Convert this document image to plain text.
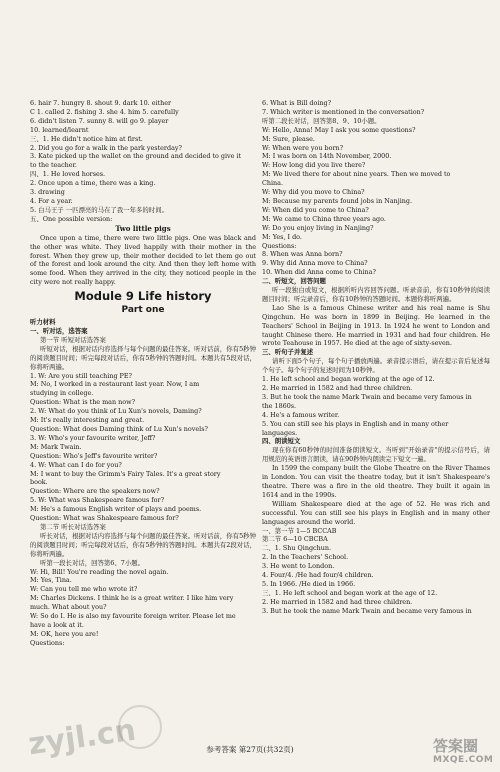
6. hair 7. hungry 8. shout 9. dark 10. either
C 1. called 2. fishing 3. she 4. him 5. carefully
6. didn't listen 7. sunny 8. will go 9. player
10. learned/learnt
三、1. He didn't notice him at first.
2. Did you go for a walk in the park yesterday?
3. Kate picked up the wallet on the ground and decided to give it
to the teacher.
四、1. He loved horses.
2. Once upon a time, there was a king.
3. drawing
4. For a year.
5. 白马王子 一匹漂亮的马在了我一年多的时间。
五、One possible version:
Two little pigs
Once upon a time, there were two little pigs. One was black and the other was white. They lived happily with their mother in the forest. When they grew up, their mother decided to let them go out of the forest and look around the city. And then they left home with some food. When they arrived in the city, they noticed people in the city were not really happy.
Module 9 Life history
Part one
听力材料
一、听对话，选答案
第一节 听短对话选答案
听短对话，根据对话内容选择与每个问题的最佳答案。听对话前，你有5秒钟的阅读题目时间；听完每段对话后，你有5秒钟的答题时间。本题共有5段对话，你将听两遍。
1. W: Are you still teaching PE?
M: No, I worked in a restaurant last year. Now, I am
studying in college.
Question: What is the man now?
2. W: What do you think of Lu Xun's novels, Daming?
M: It's really interesting and great.
Question: What does Daming think of Lu Xun's novels?
3. W: Who's your favourite writer, Jeff?
M: Mark Twain.
Question: Who's Jeff's favourite writer?
4. W: What can I do for you?
M: I want to buy the Grimm's Fairy Tales. It's a great story
book.
Question: Where are the speakers now?
5. W: What was Shakespeare famous for?
M: He's a famous English writer of plays and poems.
Question: What was Shakespeare famous for?
第二节 听长对话选答案
听长对话，根据对话内容选择与每个问题的最佳答案。听对话前，你有5秒钟的阅读题目时间；听完每段对话后，你有5秒钟的答题时间。本题共有2段对话，你将听两遍。
听第一段长对话，回答第6、7小题。
W: Hi, Bill! You're reading the novel again.
M: Yes, Tina.
W: Can you tell me who wrote it?
M: Charles Dickens. I think he is a great writer. I like him very
much. What about you?
W: So do I. He is also my favourite foreign writer. Please let me
have a look at it.
M: OK, here you are!
Questions:
6. What is Bill doing?
7. Which writer is mentioned in the conversation?
听第二段长对话，回答第8、9、10小题。
W: Hello, Anna! May I ask you some questions?
M: Sure, please.
W: When were you born?
M: I was born on 14th November, 2000.
W: How long did you live there?
M: We lived there for about nine years. Then we moved to
China.
W: Why did you move to China?
M: Because my parents found jobs in Nanjing.
W: When did you come to China?
M: We came to China three years ago.
W: Do you enjoy living in Nanjing?
M: Yes, I do.
Questions:
8. When was Anna born?
9. Why did Anna move to China?
10. When did Anna come to China?
二、听短文，回答问题
听一段独白或短文，根据所听内容回答问题。听录音前，你有10秒钟的阅读题目时间；听完录音后，你有10秒钟的答题时间。本题你将听两遍。
Lao She is a famous Chinese writer and his real name is Shu Qingchun. He was born in 1899 in Beijing. He learned in the Teachers' School in Beijing in 1913. In 1924 he went to London and taught Chinese there. He married in 1931 and had four children. He wrote Teahouse in 1957. He died at the age of sixty-seven.
三、听句子并复述
请听下面5个句子，每个句子播放两遍。录音提示语后，请在提示音后复述每个句子。每个句子的复述时间为10秒钟。
1. He left school and began working at the age of 12.
2. He married in 1582 and had three children.
3. But he took the name Mark Twain and became very famous in
the 1860s.
4. He's a famous writer.
5. You can still see his plays in English and in many other
languages.
四、朗读短文
现在你有60秒钟的时间准备朗读短文。当听到"开始录音"的提示信号后，请用规范的英语语言朗读，请在90秒钟内朗读完下短文一遍。
In 1599 the company built the Globe Theatre on the River Thames in London. You can visit the theatre today, but it isn't Shakespeare's theatre. There was a fire in the old theatre. They built it again in 1614 and in the 1990s.
William Shakespeare died at the age of 52. He was rich and successful. You can still see his plays in English and in many other languages around the world.
一、第一节 1—5 BCCAB
第二节 6—10 CBCBA
二、1. Shu Qingchun.
2. In the Teachers' School.
3. He went to London.
4. Four/4. /He had four/4 children.
5. In 1966. /He died in 1966.
三、1. He left school and began work at the age of 12.
2. He married in 1582 and had three children.
3. But he took the name Mark Twain and became very famous in
参考答案 第27页(共32页)
zyjl.cn	答案圈
MXQE.COM
